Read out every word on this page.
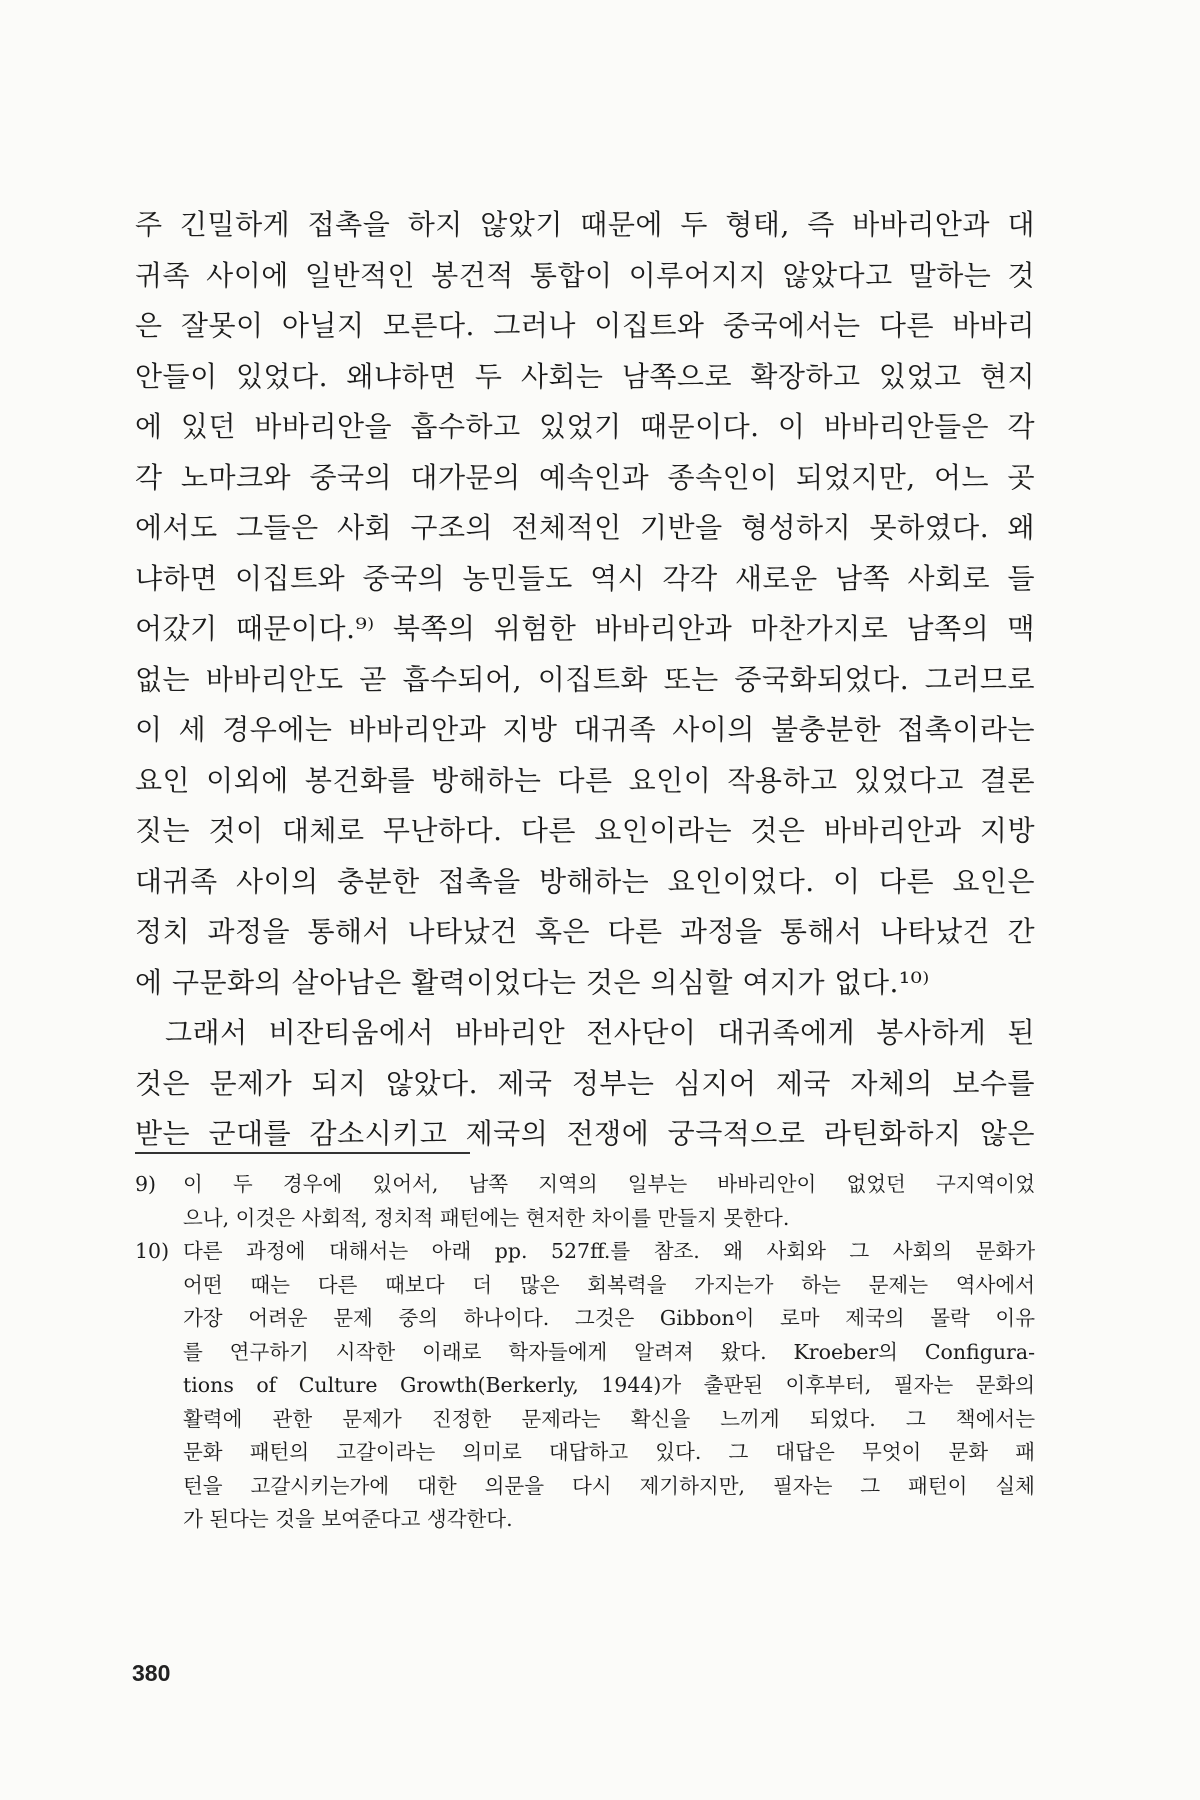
주 긴밀하게 접촉을 하지 않았기 때문에 두 형태, 즉 바바리안과 대
귀족 사이에 일반적인 봉건적 통합이 이루어지지 않았다고 말하는 것
은 잘못이 아닐지 모른다. 그러나 이집트와 중국에서는 다른 바바리
안들이 있었다. 왜냐하면 두 사회는 남쪽으로 확장하고 있었고 현지
에 있던 바바리안을 흡수하고 있었기 때문이다. 이 바바리안들은 각
각 노마크와 중국의 대가문의 예속인과 종속인이 되었지만, 어느 곳
에서도 그들은 사회 구조의 전체적인 기반을 형성하지 못하였다. 왜
냐하면 이집트와 중국의 농민들도 역시 각각 새로운 남쪽 사회로 들
어갔기 때문이다.⁹⁾ 북쪽의 위험한 바바리안과 마찬가지로 남쪽의 맥
없는 바바리안도 곧 흡수되어, 이집트화 또는 중국화되었다. 그러므로
이 세 경우에는 바바리안과 지방 대귀족 사이의 불충분한 접촉이라는
요인 이외에 봉건화를 방해하는 다른 요인이 작용하고 있었다고 결론
짓는 것이 대체로 무난하다. 다른 요인이라는 것은 바바리안과 지방
대귀족 사이의 충분한 접촉을 방해하는 요인이었다. 이 다른 요인은
정치 과정을 통해서 나타났건 혹은 다른 과정을 통해서 나타났건 간
에 구문화의 살아남은 활력이었다는 것은 의심할 여지가 없다.¹⁰⁾
그래서 비잔티움에서 바바리안 전사단이 대귀족에게 봉사하게 된
것은 문제가 되지 않았다. 제국 정부는 심지어 제국 자체의 보수를
받는 군대를 감소시키고 제국의 전쟁에 궁극적으로 라틴화하지 않은
9) 이 두 경우에 있어서, 남쪽 지역의 일부는 바바리안이 없었던 구지역이었
으나, 이것은 사회적, 정치적 패턴에는 현저한 차이를 만들지 못한다.
10) 다른 과정에 대해서는 아래 pp. 527ff.를 참조. 왜 사회와 그 사회의 문화가
어떤 때는 다른 때보다 더 많은 회복력을 가지는가 하는 문제는 역사에서
가장 어려운 문제 중의 하나이다. 그것은 Gibbon이 로마 제국의 몰락 이유
를 연구하기 시작한 이래로 학자들에게 알려져 왔다. Kroeber의 Configura-
tions of Culture Growth(Berkerly, 1944)가 출판된 이후부터, 필자는 문화의
활력에 관한 문제가 진정한 문제라는 확신을 느끼게 되었다. 그 책에서는
문화 패턴의 고갈이라는 의미로 대답하고 있다. 그 대답은 무엇이 문화 패
턴을 고갈시키는가에 대한 의문을 다시 제기하지만, 필자는 그 패턴이 실체
가 된다는 것을 보여준다고 생각한다.
380
